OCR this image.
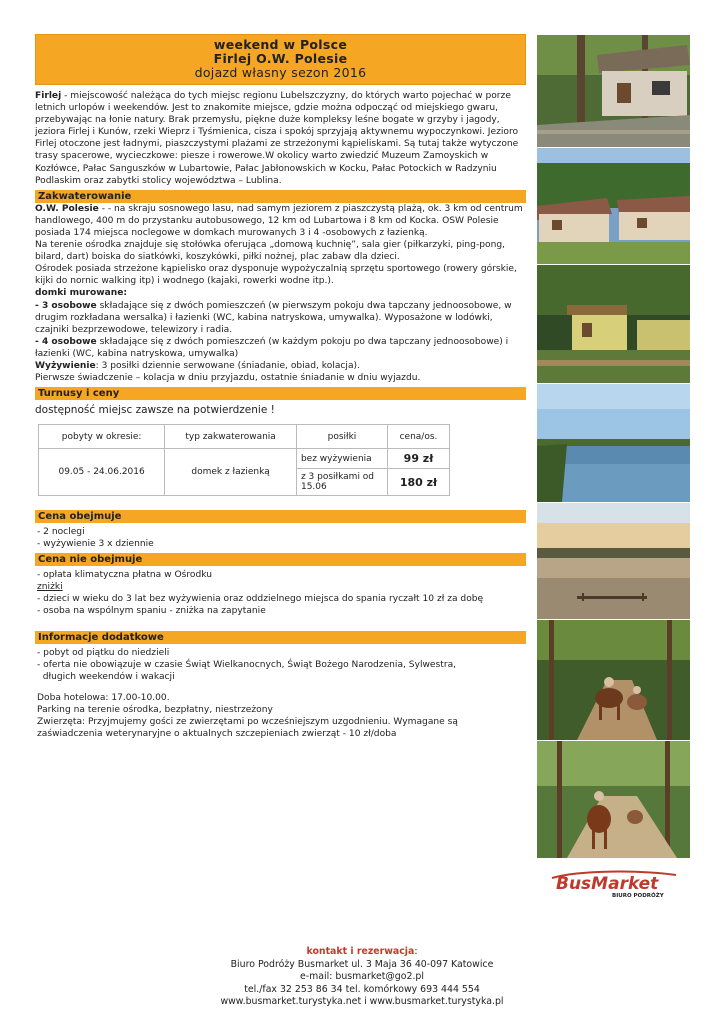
weekend w Polsce
Firlej O.W. Polesie
dojazd własny sezon 2016

Firlej - miejscowość należąca do tych miejsc regionu Lubelszczyzny, do których warto pojechać w porze letnich urlopów i weekendów. Jest to znakomite miejsce, gdzie można odpocząć od miejskiego gwaru, przebywając na łonie natury. Brak przemysłu, piękne duże kompleksy leśne bogate w grzyby i jagody, jeziora Firlej i Kunów, rzeki Wieprz i Tyśmienica, cisza i spokój sprzyjają aktywnemu wypoczynkowi. Jezioro Firlej otoczone jest ładnymi, piaszczystymi plażami ze strzeżonymi kąpieliskami. Są tutaj także wytyczone trasy spacerowe, wycieczkowe: piesze i rowerowe.W okolicy warto zwiedzić Muzeum Zamoyskich w Kozłówce, Pałac Sanguszków w Lubartowie, Pałac Jabłonowskich w Kocku, Pałac Potockich w Radzyniu Podlaskim oraz zabytki stolicy województwa – Lublina.

Zakwaterowanie

O.W. Polesie - - na skraju sosnowego lasu, nad samym jeziorem z piaszczystą plażą, ok. 3 km od centrum handlowego, 400 m do przystanku autobusowego, 12 km od Lubartowa i 8 km od Kocka. OSW Polesie posiada 174 miejsca noclegowe w domkach murowanych 3 i 4 -osobowych z łazienką.

Na terenie ośrodka znajduje się stołówka oferująca „domową kuchnię”, sala gier (piłkarzyki, ping-pong, bilard, dart) boiska do siatkówki, koszykówki, piłki nożnej, plac zabaw dla dzieci.

Ośrodek posiada strzeżone kąpielisko oraz dysponuje wypożyczalnią sprzętu sportowego (rowery górskie, kijki do nornic walking itp) i wodnego (kajaki, rowerki wodne itp.).

domki murowane:

- 3 osobowe składające się z dwóch pomieszczeń (w pierwszym pokoju dwa tapczany jednoosobowe, w drugim rozkładana wersalka) i łazienki (WC, kabina natryskowa, umywalka). Wyposażone w lodówki, czajniki bezprzewodowe, telewizory i radia.

- 4 osobowe składające się z dwóch pomieszczeń (w każdym pokoju po dwa tapczany jednoosobowe) i łazienki (WC, kabina natryskowa, umywalka)

Wyżywienie: 3 posiłki dziennie serwowane (śniadanie, obiad, kolacja).

Pierwsze świadczenie – kolacja w dniu przyjazdu, ostatnie śniadanie w dniu wyjazdu.

Turnusy i ceny
dostępność miejsc zawsze na potwierdzenie !
pobyty w okresie:	typ zakwaterowania	posiłki	cena/os.
09.05 - 24.06.2016	domek z łazienką	bez wyżywienia	99 zł
		z 3 posiłkami od 15.06	180 zł
Cena obejmuje
- 2 noclegi
- wyżywienie 3 x dziennie
Cena nie obejmuje
- opłata klimatyczna płatna w Ośrodku
zniżki
- dzieci w wieku do 3 lat bez wyżywienia oraz oddzielnego miejsca do spania ryczałt 10 zł za dobę
- osoba na wspólnym spaniu - zniżka na zapytanie
Informacje dodatkowe
- pobyt od piątku do niedzieli
- oferta nie obowiązuje w czasie Świąt Wielkanocnych, Świąt Bożego Narodzenia, Sylwestra,
długich weekendów i wakacji
Doba hotelowa: 17.00-10.00.
Parking na terenie ośrodka, bezpłatny, niestrzeżony
Zwierzęta: Przyjmujemy gości ze zwierzętami po wcześniejszym uzgodnieniu. Wymagane są zaświadczenia weterynaryjne o aktualnych szczepieniach zwierząt - 10 zł/doba
BusMarket
BIURO PODRÓŻY
kontakt i rezerwacja:
Biuro Podróży Busmarket ul. 3 Maja 36 40-097 Katowice
e-mail: busmarket@go2.pl
tel./fax 32 253 86 34 tel. komórkowy 693 444 554
www.busmarket.turystyka.net i www.busmarket.turystyka.pl
